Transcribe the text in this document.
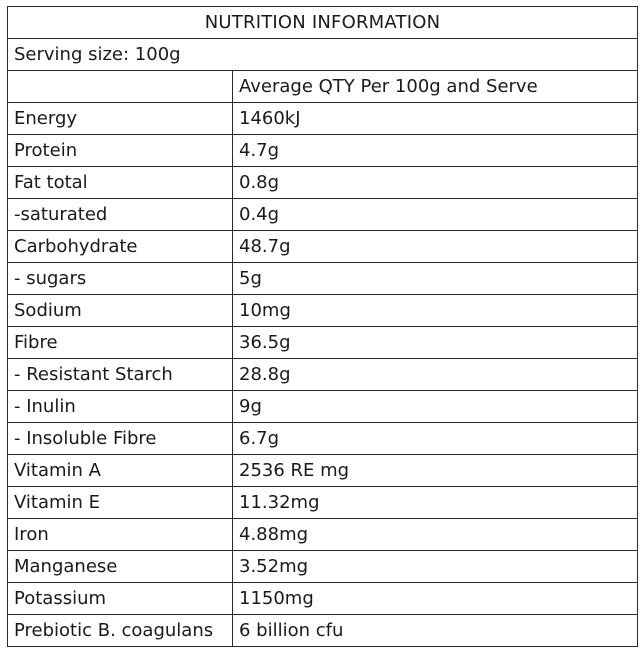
NUTRITION INFORMATION	
Serving size: 100g	
	Average QTY Per 100g and Serve
Energy	1460kJ
Protein	4.7g
Fat total	0.8g
-saturated	0.4g
Carbohydrate	48.7g
- sugars	5g
Sodium	10mg
Fibre	36.5g
- Resistant Starch	28.8g
- Inulin	9g
- Insoluble Fibre	6.7g
Vitamin A	2536 RE mg
Vitamin E	11.32mg
Iron	4.88mg
Manganese	3.52mg
Potassium	1150mg
Prebiotic B. coagulans	6 billion cfu
